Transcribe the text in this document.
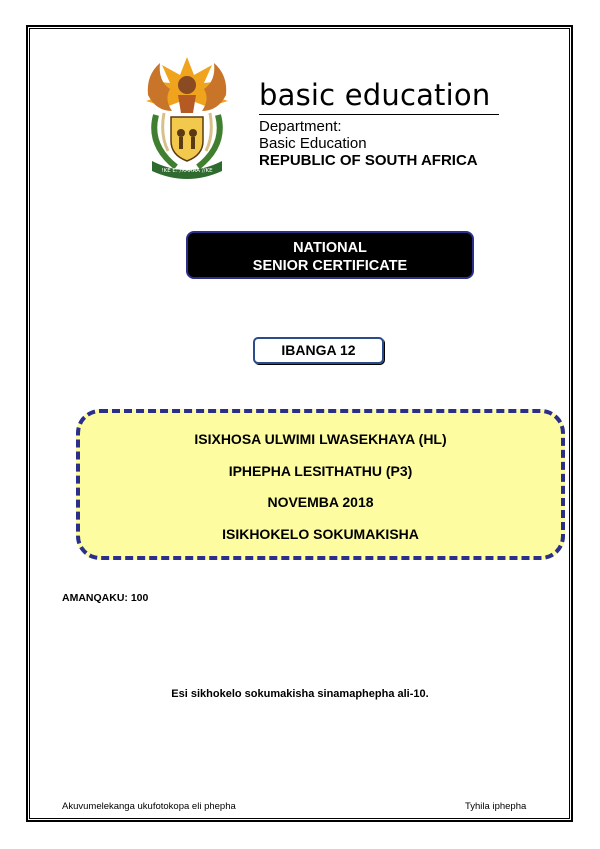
!KE E: /XARRA //KE
basic education
Department:
Basic Education
REPUBLIC OF SOUTH AFRICA
NATIONAL
SENIOR CERTIFICATE
IBANGA 12
ISIXHOSA ULWIMI LWASEKHAYA (HL)
IPHEPHA LESITHATHU (P3)
NOVEMBA 2018
ISIKHOKELO SOKUMAKISHA
AMANQAKU: 100
Esi sikhokelo sokumakisha sinamaphepha ali-10.
Akuvumelekanga ukufotokopa eli phepha	Tyhila iphepha
